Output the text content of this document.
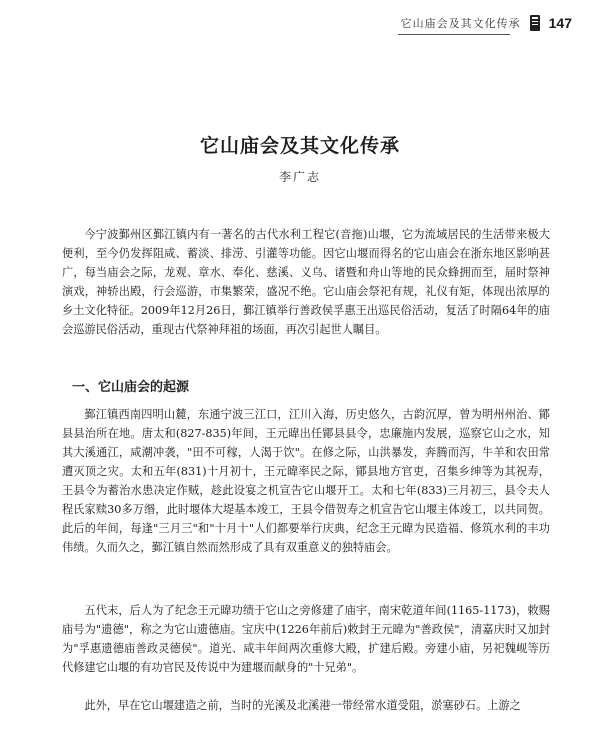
它山庙会及其文化传承 147
它山庙会及其文化传承
李广志

今宁波鄞州区鄞江镇内有一著名的古代水利工程它(音拖)山堰，它为流域居民的生活带来极大便利，至今仍发挥阻咸、蓄淡、排涝、引灌等功能。因它山堰而得名的它山庙会在浙东地区影响甚广，每当庙会之际，龙观、章水、奉化、慈溪、义乌、诸暨和舟山等地的民众蜂拥而至，届时祭神演戏，神轿出殿，行会巡游，市集繁荣，盛况不绝。它山庙会祭祀有规，礼仪有矩，体现出浓厚的乡土文化特征。2009年12月26日，鄞江镇举行善政侯孚惠王出巡民俗活动，复活了时隔64年的庙会巡游民俗活动，重现古代祭神拜祖的场面，再次引起世人瞩目。

一、它山庙会的起源

鄞江镇西南四明山麓，东通宁波三江口，江川入海，历史悠久，古韵沉厚，曾为明州州治、鄮县县治所在地。唐太和(827-835)年间，王元暐出任鄮县县令，忠廉施内发展，巡察它山之水，知其大溪通江，咸潮冲袭，"田不可稼，人渴于饮"。在修之际，山洪暴发，奔腾而泻，牛羊和农田常遭灭顶之灾。太和五年(831)十月初十，王元暐率民之际，鄮县地方官吏，召集乡绅等为其祝寿，王县令为蓄治水患决定作贼，趁此设宴之机宣告它山堰开工。太和七年(833)三月初三，县令夫人程氏家赎30多万缗，此时堰体大堤基本竣工，王县令借贺寿之机宣告它山堰主体竣工，以共同贺。此后的年间，每逢"三月三"和"十月十"人们都要举行庆典，纪念王元暐为民造福、修筑水利的丰功伟绩。久而久之，鄞江镇自然而然形成了具有双重意义的独特庙会。

五代末，后人为了纪念王元暐功绩于它山之旁修建了庙宇，南宋乾道年间(1165-1173)，敕赐庙号为"遗德"，称之为它山遗德庙。宝庆中(1226年前后)敕封王元暐为"善政侯"，清嘉庆时又加封为"孚惠遗德庙善政灵德侯"。道光、咸丰年间两次重修大殿，扩建后殿。旁建小庙，另祀魏岘等历代修建它山堰的有功官民及传说中为建堰而献身的"十兄弟"。

此外，早在它山堰建造之前，当时的光溪及北溪港一带经常水道受阻，淤塞砂石。上游之
